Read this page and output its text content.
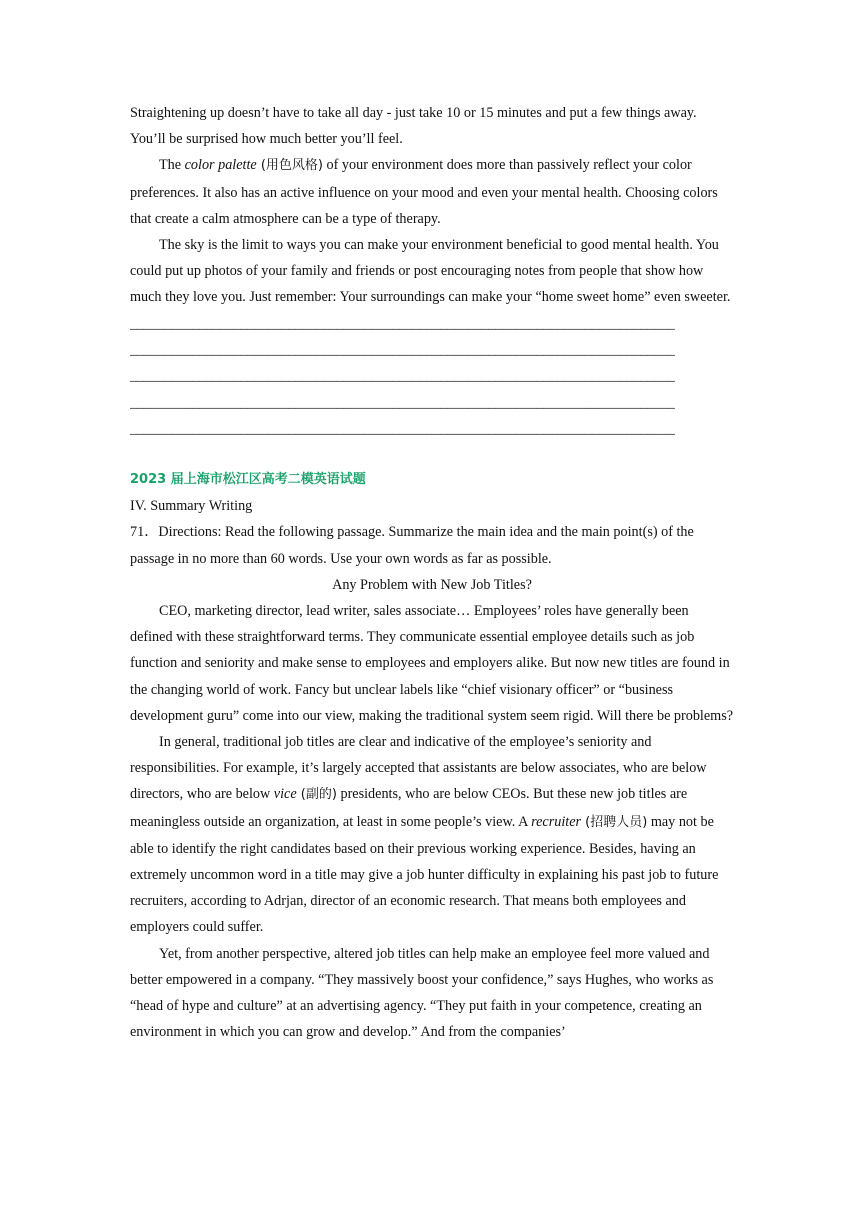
Straightening up doesn’t have to take all day - just take 10 or 15 minutes and put a few things away. You’ll be surprised how much better you’ll feel.

The color palette (用色风格) of your environment does more than passively reflect your color preferences. It also has an active influence on your mood and even your mental health. Choosing colors that create a calm atmosphere can be a type of therapy.

The sky is the limit to ways you can make your environment beneficial to good mental health. You could put up photos of your family and friends or post encouraging notes from people that show how much they love you. Just remember: Your surroundings can make your “home sweet home” even sweeter.

_______________________________________________________________________________
_______________________________________________________________________________
_______________________________________________________________________________
_______________________________________________________________________________
_______________________________________________________________________________
2023 届上海市松江区高考二模英语试题

IV. Summary Writing

71．Directions: Read the following passage. Summarize the main idea and the main point(s) of the passage in no more than 60 words. Use your own words as far as possible.

Any Problem with New Job Titles?

CEO, marketing director, lead writer, sales associate… Employees’ roles have generally been defined with these straightforward terms. They communicate essential employee details such as job function and seniority and make sense to employees and employers alike. But now new titles are found in the changing world of work. Fancy but unclear labels like “chief visionary officer” or “business development guru” come into our view, making the traditional system seem rigid. Will there be problems?

In general, traditional job titles are clear and indicative of the employee’s seniority and responsibilities. For example, it’s largely accepted that assistants are below associates, who are below directors, who are below vice (副的) presidents, who are below CEOs. But these new job titles are meaningless outside an organization, at least in some people’s view. A recruiter (招聘人员) may not be able to identify the right candidates based on their previous working experience. Besides, having an extremely uncommon word in a title may give a job hunter difficulty in explaining his past job to future recruiters, according to Adrjan, director of an economic research. That means both employees and employers could suffer.

Yet, from another perspective, altered job titles can help make an employee feel more valued and better empowered in a company. “They massively boost your confidence,” says Hughes, who works as “head of hype and culture” at an advertising agency. “They put faith in your competence, creating an environment in which you can grow and develop.” And from the companies’
